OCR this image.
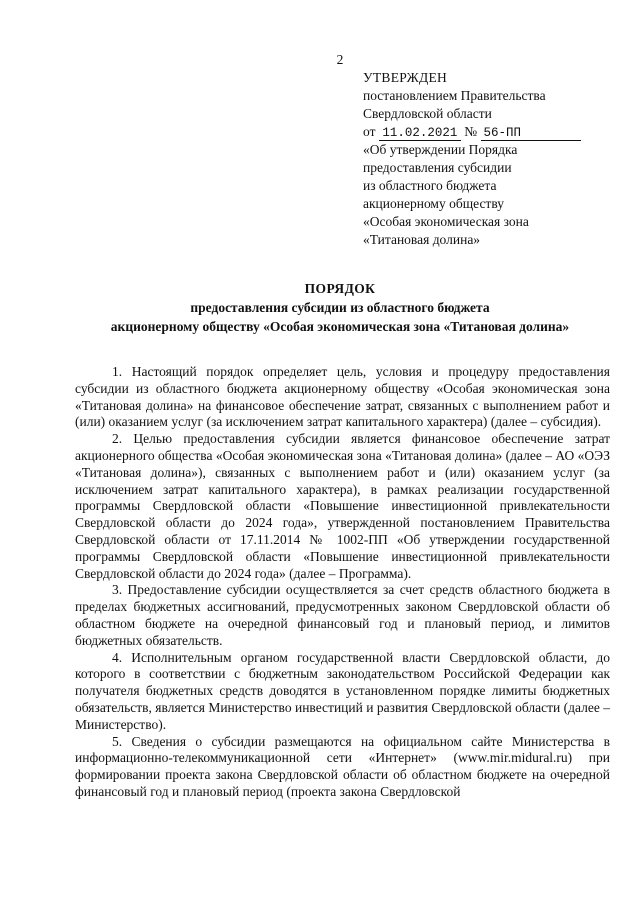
2
УТВЕРЖДЕН
постановлением Правительства
Свердловской области
от 11.02.2021 № 56-ПП
«Об утверждении Порядка
предоставления субсидии
из областного бюджета
акционерному обществу
«Особая экономическая зона
«Титановая долина»
ПОРЯДОК
предоставления субсидии из областного бюджета
акционерному обществу «Особая экономическая зона «Титановая долина»

1. Настоящий порядок определяет цель, условия и процедуру предоставления субсидии из областного бюджета акционерному обществу «Особая экономическая зона «Титановая долина» на финансовое обеспечение затрат, связанных с выполнением работ и (или) оказанием услуг (за исключением затрат капитального характера) (далее – субсидия).

2. Целью предоставления субсидии является финансовое обеспечение затрат акционерного общества «Особая экономическая зона «Титановая долина» (далее – АО «ОЭЗ «Титановая долина»), связанных с выполнением работ и (или) оказанием услуг (за исключением затрат капитального характера), в рамках реализации государственной программы Свердловской области «Повышение инвестиционной привлекательности Свердловской области до 2024 года», утвержденной постановлением Правительства Свердловской области от 17.11.2014 № 1002-ПП «Об утверждении государственной программы Свердловской области «Повышение инвестиционной привлекательности Свердловской области до 2024 года» (далее – Программа).

3. Предоставление субсидии осуществляется за счет средств областного бюджета в пределах бюджетных ассигнований, предусмотренных законом Свердловской области об областном бюджете на очередной финансовый год и плановый период, и лимитов бюджетных обязательств.

4. Исполнительным органом государственной власти Свердловской области, до которого в соответствии с бюджетным законодательством Российской Федерации как получателя бюджетных средств доводятся в установленном порядке лимиты бюджетных обязательств, является Министерство инвестиций и развития Свердловской области (далее – Министерство).

5. Сведения о субсидии размещаются на официальном сайте Министерства в информационно-телекоммуникационной сети «Интернет» (www.mir.midural.ru) при формировании проекта закона Свердловской области об областном бюджете на очередной финансовый год и плановый период (проекта закона Свердловской
